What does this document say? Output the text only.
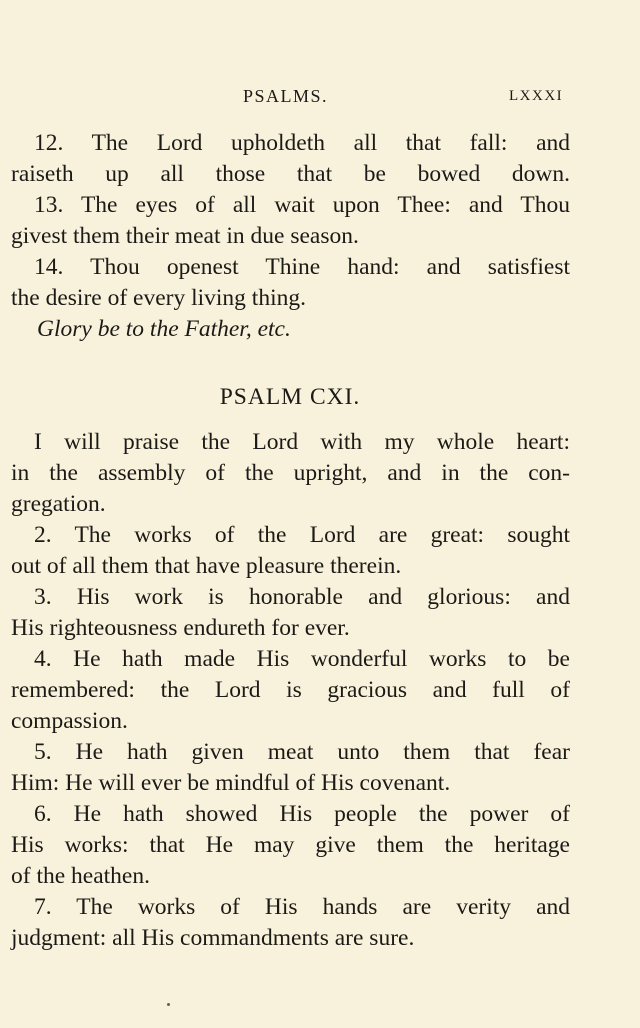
PSALMS.	LXXXI
12. The Lord upholdeth all that fall: and
raiseth up all those that be bowed down.
13. The eyes of all wait upon Thee: and Thou
givest them their meat in due season.
14. Thou openest Thine hand: and satisfiest
the desire of every living thing.
Glory be to the Father, etc.
PSALM CXI.
I will praise the Lord with my whole heart:
in the assembly of the upright, and in the con-
gregation.
2. The works of the Lord are great: sought
out of all them that have pleasure therein.
3. His work is honorable and glorious: and
His righteousness endureth for ever.
4. He hath made His wonderful works to be
remembered: the Lord is gracious and full of
compassion.
5. He hath given meat unto them that fear
Him: He will ever be mindful of His covenant.
6. He hath showed His people the power of
His works: that He may give them the heritage
of the heathen.
7. The works of His hands are verity and
judgment: all His commandments are sure.
